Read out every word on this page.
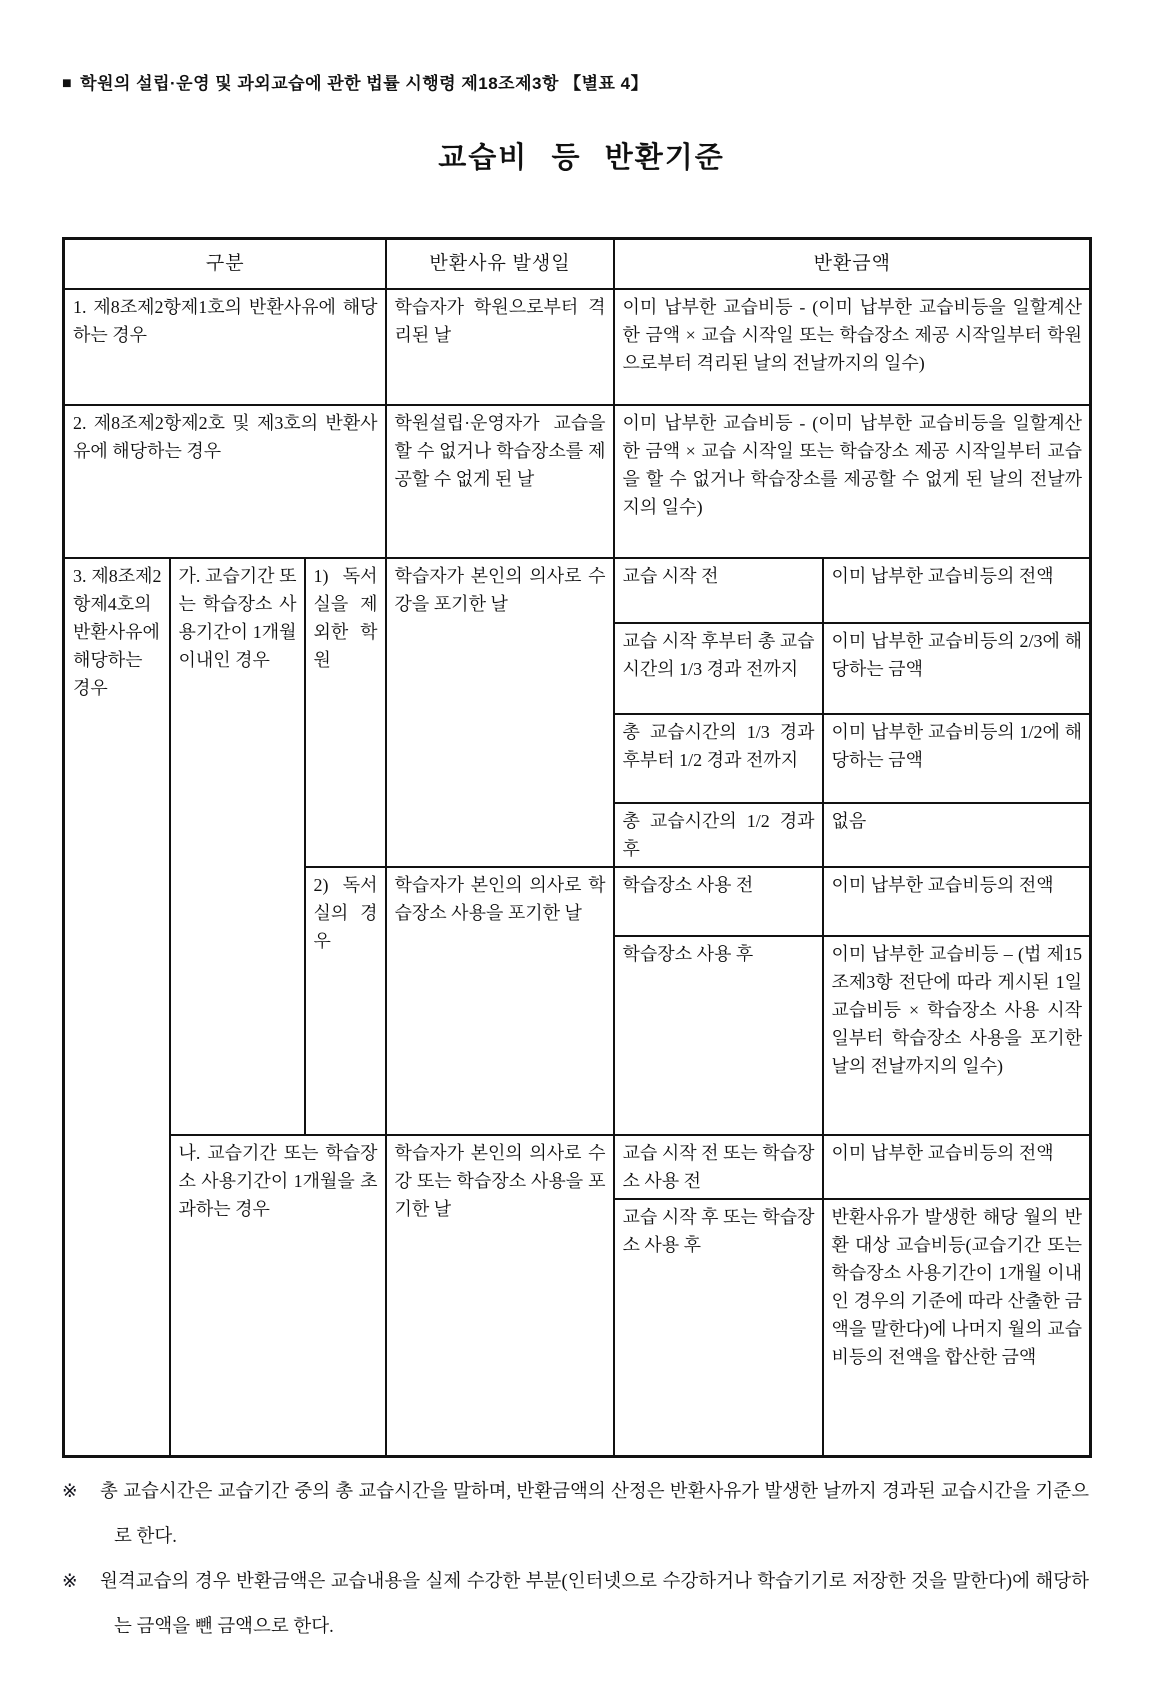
■ 학원의 설립·운영 및 과외교습에 관한 법률 시행령 제18조제3항 【별표 4】
교습비 등 반환기준
구분			반환사유 발생일	반환금액	
1. 제8조제2항제1호의 반환사유에 해당하는 경우			학습자가 학원으로부터 격리된 날	이미 납부한 교습비등 - (이미 납부한 교습비등을 일할계산한 금액 × 교습 시작일 또는 학습장소 제공 시작일부터 학원으로부터 격리된 날의 전날까지의 일수)	
2. 제8조제2항제2호 및 제3호의 반환사유에 해당하는 경우			학원설립·운영자가 교습을 할 수 없거나 학습장소를 제공할 수 없게 된 날	이미 납부한 교습비등 - (이미 납부한 교습비등을 일할계산한 금액 × 교습 시작일 또는 학습장소 제공 시작일부터 교습을 할 수 없거나 학습장소를 제공할 수 없게 된 날의 전날까지의 일수)	
3. 제8조제2항제4호의 반환사유에 해당하는 경우	가. 교습기간 또는 학습장소 사용기간이 1개월 이내인 경우	1) 독서실을 제외한 학원	학습자가 본인의 의사로 수강을 포기한 날	교습 시작 전	이미 납부한 교습비등의 전액
				교습 시작 후부터 총 교습시간의 1/3 경과 전까지	이미 납부한 교습비등의 2/3에 해당하는 금액
				총 교습시간의 1/3 경과 후부터 1/2 경과 전까지	이미 납부한 교습비등의 1/2에 해당하는 금액
				총 교습시간의 1/2 경과 후	없음
		2) 독서실의 경우	학습자가 본인의 의사로 학습장소 사용을 포기한 날	학습장소 사용 전	이미 납부한 교습비등의 전액
				학습장소 사용 후	이미 납부한 교습비등 – (법 제15조제3항 전단에 따라 게시된 1일 교습비등 × 학습장소 사용 시작일부터 학습장소 사용을 포기한 날의 전날까지의 일수)
	나. 교습기간 또는 학습장소 사용기간이 1개월을 초과하는 경우		학습자가 본인의 의사로 수강 또는 학습장소 사용을 포기한 날	교습 시작 전 또는 학습장소 사용 전	이미 납부한 교습비등의 전액
				교습 시작 후 또는 학습장소 사용 후	반환사유가 발생한 해당 월의 반환 대상 교습비등(교습기간 또는 학습장소 사용기간이 1개월 이내인 경우의 기준에 따라 산출한 금액을 말한다)에 나머지 월의 교습비등의 전액을 합산한 금액

※ 총 교습시간은 교습기간 중의 총 교습시간을 말하며, 반환금액의 산정은 반환사유가 발생한 날까지 경과된 교습시간을 기준으로 한다.

※ 원격교습의 경우 반환금액은 교습내용을 실제 수강한 부분(인터넷으로 수강하거나 학습기기로 저장한 것을 말한다)에 해당하는 금액을 뺀 금액으로 한다.
